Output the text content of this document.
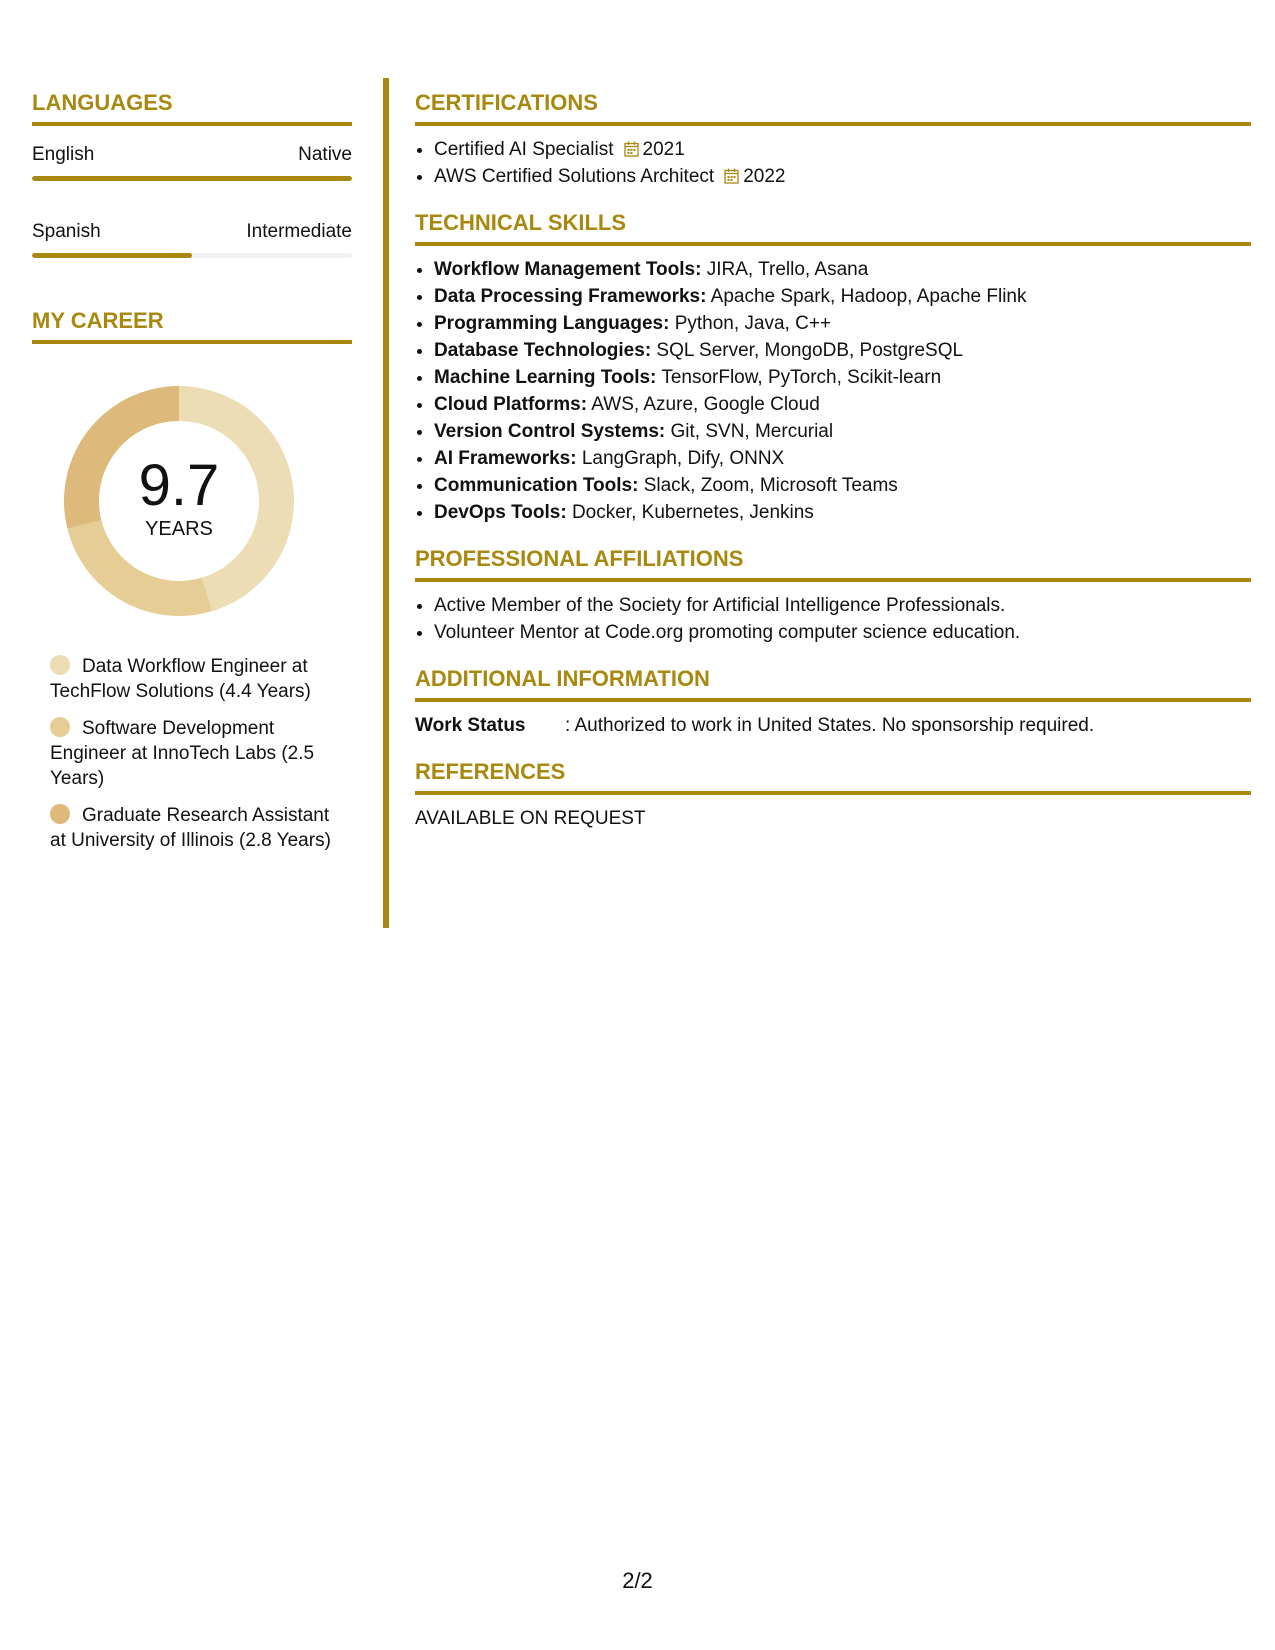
LANGUAGES
English	Native
Spanish	Intermediate
MY CAREER
9.7
YEARS
Data Workflow Engineer at TechFlow Solutions (4.4 Years)
Software Development Engineer at InnoTech Labs (2.5 Years)
Graduate Research Assistant at University of Illinois (2.8 Years)
CERTIFICATIONS
• Certified AI Specialist 2021
• AWS Certified Solutions Architect 2022
TECHNICAL SKILLS
• Workflow Management Tools: JIRA, Trello, Asana
• Data Processing Frameworks: Apache Spark, Hadoop, Apache Flink
• Programming Languages: Python, Java, C++
• Database Technologies: SQL Server, MongoDB, PostgreSQL
• Machine Learning Tools: TensorFlow, PyTorch, Scikit-learn
• Cloud Platforms: AWS, Azure, Google Cloud
• Version Control Systems: Git, SVN, Mercurial
• AI Frameworks: LangGraph, Dify, ONNX
• Communication Tools: Slack, Zoom, Microsoft Teams
• DevOps Tools: Docker, Kubernetes, Jenkins
PROFESSIONAL AFFILIATIONS
• Active Member of the Society for Artificial Intelligence Professionals.
• Volunteer Mentor at Code.org promoting computer science education.
ADDITIONAL INFORMATION
Work Status	: Authorized to work in United States. No sponsorship required.
REFERENCES
AVAILABLE ON REQUEST
2/2
